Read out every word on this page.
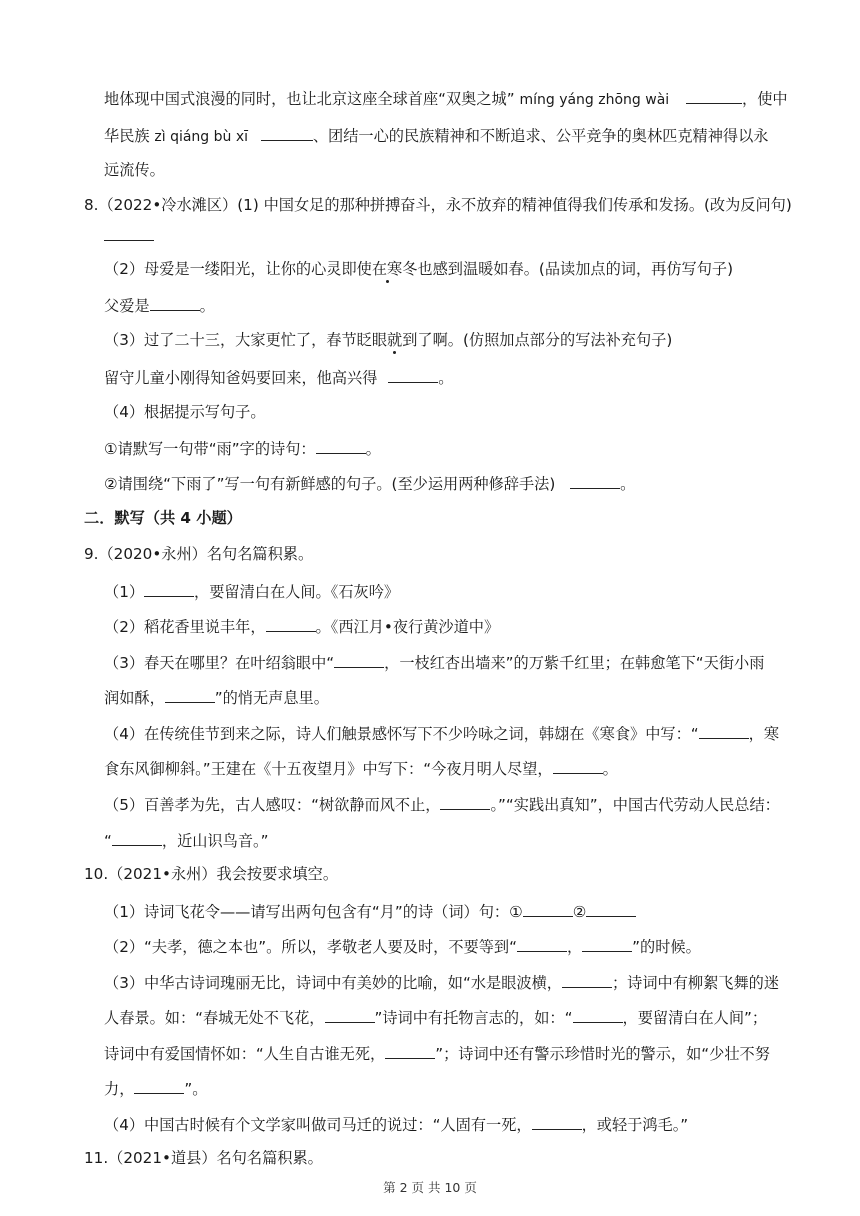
地体现中国式浪漫的同时，也让北京这座全球首座“双奥之城” míng yáng zhōng wài	，使中
华民族 zì qiáng bù xī	、团结一心的民族精神和不断追求、公平竞争的奥林匹克精神得以永
远流传。
8.（2022•冷水滩区）(1) 中国女足的那种拼搏奋斗，永不放弃的精神值得我们传承和发扬。(改为反问句)
（2）母爱是一缕阳光，让你的心灵即使在寒冬也感到温暖如春。(品读加点的词，再仿写句子)
父爱是	。
（3）过了二十三，大家更忙了，春节眨眼就到了啊。(仿照加点部分的写法补充句子)
留守儿童小刚得知爸妈要回来，他高兴得	。
（4）根据提示写句子。
①请默写一句带“雨”字的诗句：	。
②请围绕“下雨了”写一句有新鲜感的句子。(至少运用两种修辞手法)	。
二．默写（共 4 小题）
9.（2020•永州）名句名篇积累。
（1）	，要留清白在人间。《石灰吟》
（2）稻花香里说丰年，	。《西江月•夜行黄沙道中》
（3）春天在哪里？在叶绍翁眼中“	，一枝红杏出墙来”的万紫千红里；在韩愈笔下“天街小雨
润如酥，	”的悄无声息里。
（4）在传统佳节到来之际，诗人们触景感怀写下不少吟咏之词，韩翃在《寒食》中写：“	，寒
食东风御柳斜。”王建在《十五夜望月》中写下：“今夜月明人尽望，	。
（5）百善孝为先，古人感叹：“树欲静而风不止，	。”“实践出真知”，中国古代劳动人民总结：
“	，近山识鸟音。”
10.（2021•永州）我会按要求填空。
（1）诗词飞花令——请写出两句包含有“月”的诗（词）句：①	②
（2）“夫孝，德之本也”。所以，孝敬老人要及时，不要等到“	，	”的时候。
（3）中华古诗词瑰丽无比，诗词中有美妙的比喻，如“水是眼波横，	；诗词中有柳絮飞舞的迷
人春景。如：“春城无处不飞花，	”诗词中有托物言志的，如：“	，要留清白在人间”；
诗词中有爱国情怀如：“人生自古谁无死，	”；诗词中还有警示珍惜时光的警示，如“少壮不努
力，	”。
（4）中国古时候有个文学家叫做司马迁的说过：“人固有一死，	，或轻于鸿毛。”
11.（2021•道县）名句名篇积累。
第 2 页 共 10 页
